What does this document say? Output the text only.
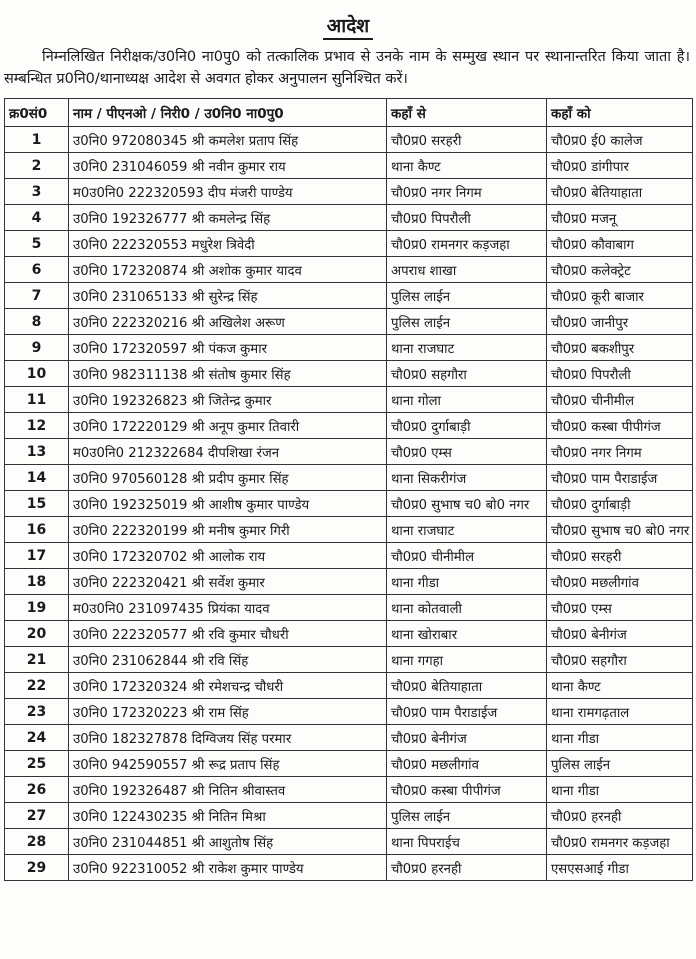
आदेश
निम्नलिखित निरीक्षक/उ0नि0 ना0पु0 को तत्कालिक प्रभाव से उनके नाम के सम्मुख स्थान पर स्थानान्तरित किया जाता है। सम्बन्धित प्र0नि0/थानाध्यक्ष आदेश से अवगत होकर अनुपालन सुनिश्चित करें।
क्र0सं0	नाम / पीएनओ / निरी0 / उ0नि0 ना0पु0	कहाँ से	कहाँ को
1	उ0नि0 972080345 श्री कमलेश प्रताप सिंह	चौ0प्र0 सरहरी	चौ0प्र0 ई0 कालेज
2	उ0नि0 231046059 श्री नवीन कुमार राय	थाना कैण्ट	चौ0प्र0 डांगीपार
3	म0उ0नि0 222320593 दीप मंजरी पाण्डेय	चौ0प्र0 नगर निगम	चौ0प्र0 बेतियाहाता
4	उ0नि0 192326777 श्री कमलेन्द्र सिंह	चौ0प्र0 पिपरौली	चौ0प्र0 मजनू
5	उ0नि0 222320553 मधुरेश त्रिवेदी	चौ0प्र0 रामनगर कड़जहा	चौ0प्र0 कौवाबाग
6	उ0नि0 172320874 श्री अशोक कुमार यादव	अपराध शाखा	चौ0प्र0 कलेक्ट्रेट
7	उ0नि0 231065133 श्री सुरेन्द्र सिंह	पुलिस लाईन	चौ0प्र0 कूरी बाजार
8	उ0नि0 222320216 श्री अखिलेश अरूण	पुलिस लाईन	चौ0प्र0 जानीपुर
9	उ0नि0 172320597 श्री पंकज कुमार	थाना राजघाट	चौ0प्र0 बकशीपुर
10	उ0नि0 982311138 श्री संतोष कुमार सिंह	चौ0प्र0 सहगौरा	चौ0प्र0 पिपरौली
11	उ0नि0 192326823 श्री जितेन्द्र कुमार	थाना गोला	चौ0प्र0 चीनीमील
12	उ0नि0 172220129 श्री अनूप कुमार तिवारी	चौ0प्र0 दुर्गाबाड़ी	चौ0प्र0 कस्बा पीपीगंज
13	म0उ0नि0 212322684 दीपशिखा रंजन	चौ0प्र0 एम्स	चौ0प्र0 नगर निगम
14	उ0नि0 970560128 श्री प्रदीप कुमार सिंह	थाना सिकरीगंज	चौ0प्र0 पाम पैराडाईज
15	उ0नि0 192325019 श्री आशीष कुमार पाण्डेय	चौ0प्र0 सुभाष च0 बो0 नगर	चौ0प्र0 दुर्गाबाड़ी
16	उ0नि0 222320199 श्री मनीष कुमार गिरी	थाना राजघाट	चौ0प्र0 सुभाष च0 बो0 नगर
17	उ0नि0 172320702 श्री आलोक राय	चौ0प्र0 चीनीमील	चौ0प्र0 सरहरी
18	उ0नि0 222320421 श्री सर्वेश कुमार	थाना गीडा	चौ0प्र0 मछलीगांव
19	म0उ0नि0 231097435 प्रियंका यादव	थाना कोतवाली	चौ0प्र0 एम्स
20	उ0नि0 222320577 श्री रवि कुमार चौधरी	थाना खोराबार	चौ0प्र0 बेनीगंज
21	उ0नि0 231062844 श्री रवि सिंह	थाना गगहा	चौ0प्र0 सहगौरा
22	उ0नि0 172320324 श्री रमेशचन्द्र चौधरी	चौ0प्र0 बेतियाहाता	थाना कैण्ट
23	उ0नि0 172320223 श्री राम सिंह	चौ0प्र0 पाम पैराडाईज	थाना रामगढ़ताल
24	उ0नि0 182327878 दिग्विजय सिंह परमार	चौ0प्र0 बेनीगंज	थाना गीडा
25	उ0नि0 942590557 श्री रूद्र प्रताप सिंह	चौ0प्र0 मछलीगांव	पुलिस लाईन
26	उ0नि0 192326487 श्री नितिन श्रीवास्तव	चौ0प्र0 कस्बा पीपीगंज	थाना गीडा
27	उ0नि0 122430235 श्री नितिन मिश्रा	पुलिस लाईन	चौ0प्र0 हरनही
28	उ0नि0 231044851 श्री आशुतोष सिंह	थाना पिपराईच	चौ0प्र0 रामनगर कड़जहा
29	उ0नि0 922310052 श्री राकेश कुमार पाण्डेय	चौ0प्र0 हरनही	एसएसआई गीडा
